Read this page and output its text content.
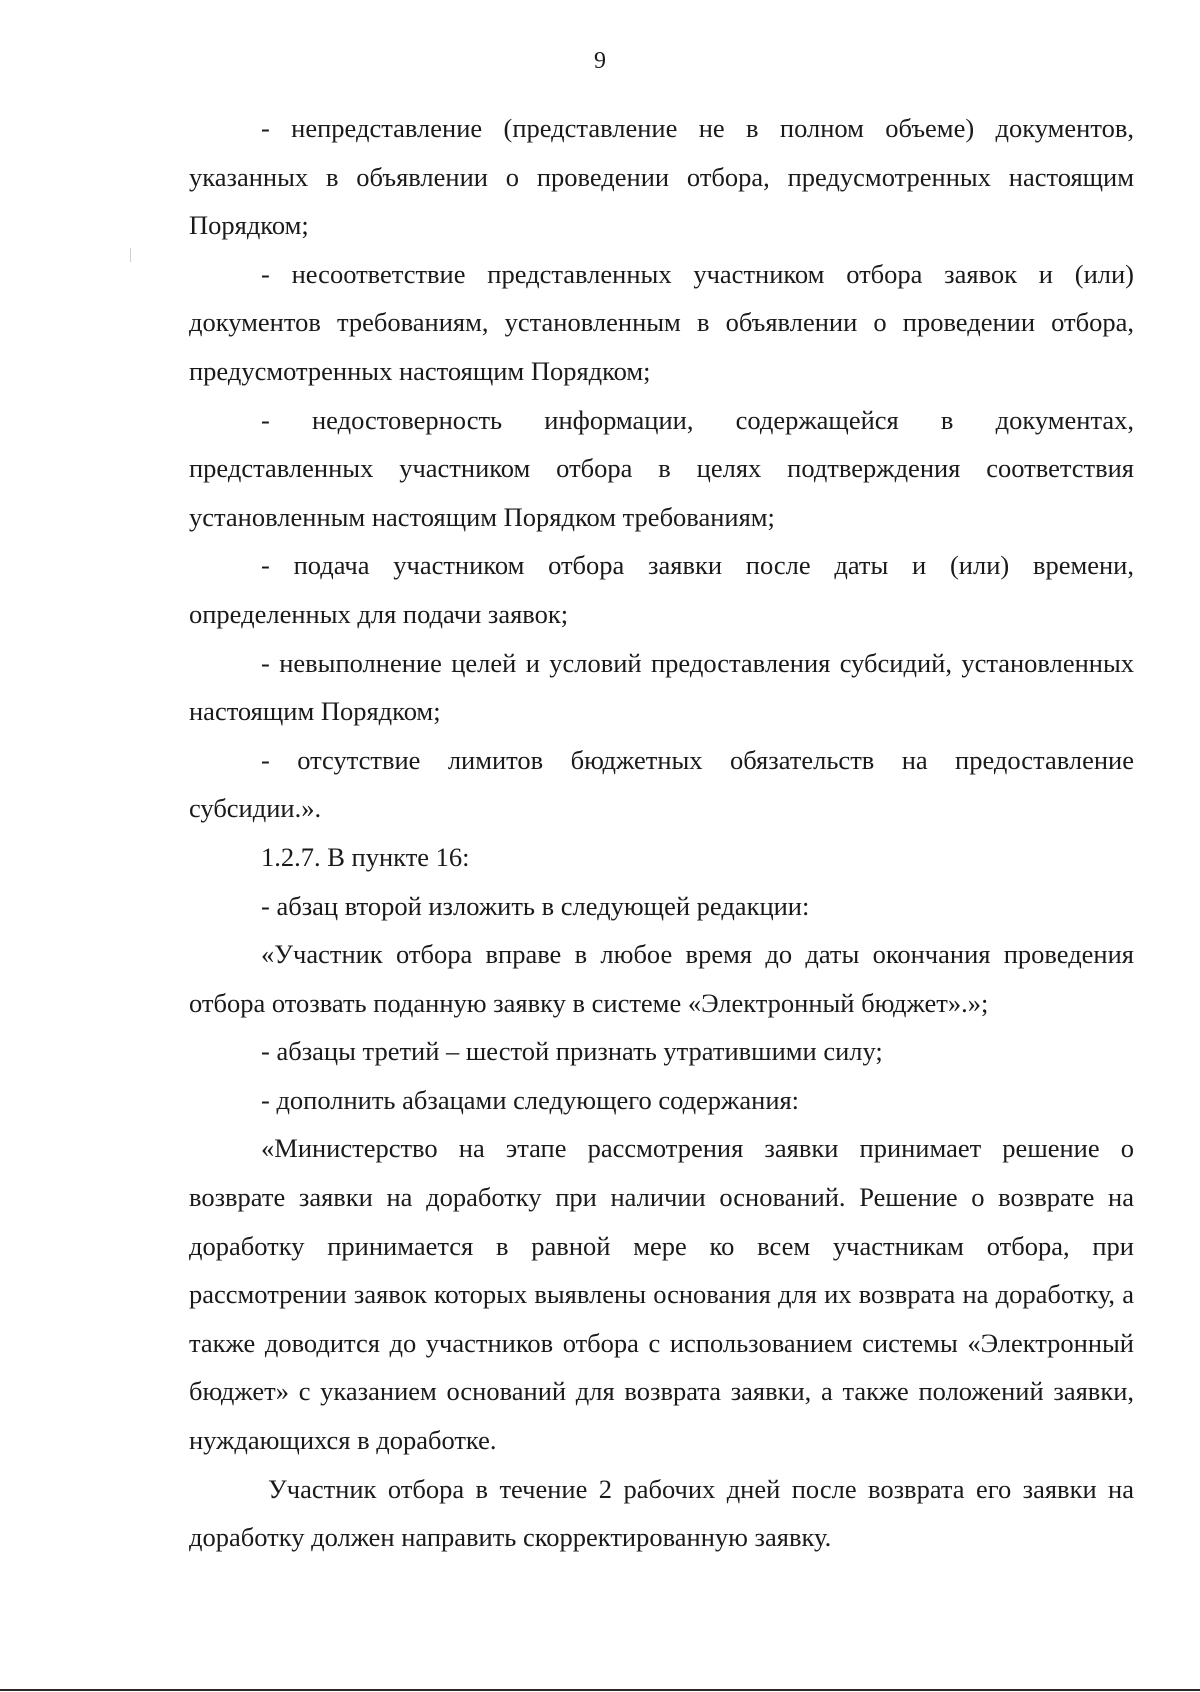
9

- непредставление (представление не в полном объеме) документов, указанных в объявлении о проведении отбора, предусмотренных настоящим Порядком;

- несоответствие представленных участником отбора заявок и (или) документов требованиям, установленным в объявлении о проведении отбора, предусмотренных настоящим Порядком;

- недостоверность информации, содержащейся в документах, представленных участником отбора в целях подтверждения соответствия установленным настоящим Порядком требованиям;

- подача участником отбора заявки после даты и (или) времени, определенных для подачи заявок;

- невыполнение целей и условий предоставления субсидий, установленных настоящим Порядком;

- отсутствие лимитов бюджетных обязательств на предоставление субсидии.».

1.2.7. В пункте 16:

- абзац второй изложить в следующей редакции:

«Участник отбора вправе в любое время до даты окончания проведения отбора отозвать поданную заявку в системе «Электронный бюджет».»;

- абзацы третий – шестой признать утратившими силу;

- дополнить абзацами следующего содержания:

«Министерство на этапе рассмотрения заявки принимает решение о возврате заявки на доработку при наличии оснований. Решение о возврате на доработку принимается в равной мере ко всем участникам отбора, при рассмотрении заявок которых выявлены основания для их возврата на доработку, а также доводится до участников отбора с использованием системы «Электронный бюджет» с указанием оснований для возврата заявки, а также положений заявки, нуждающихся в доработке.

Участник отбора в течение 2 рабочих дней после возврата его заявки на доработку должен направить скорректированную заявку.
